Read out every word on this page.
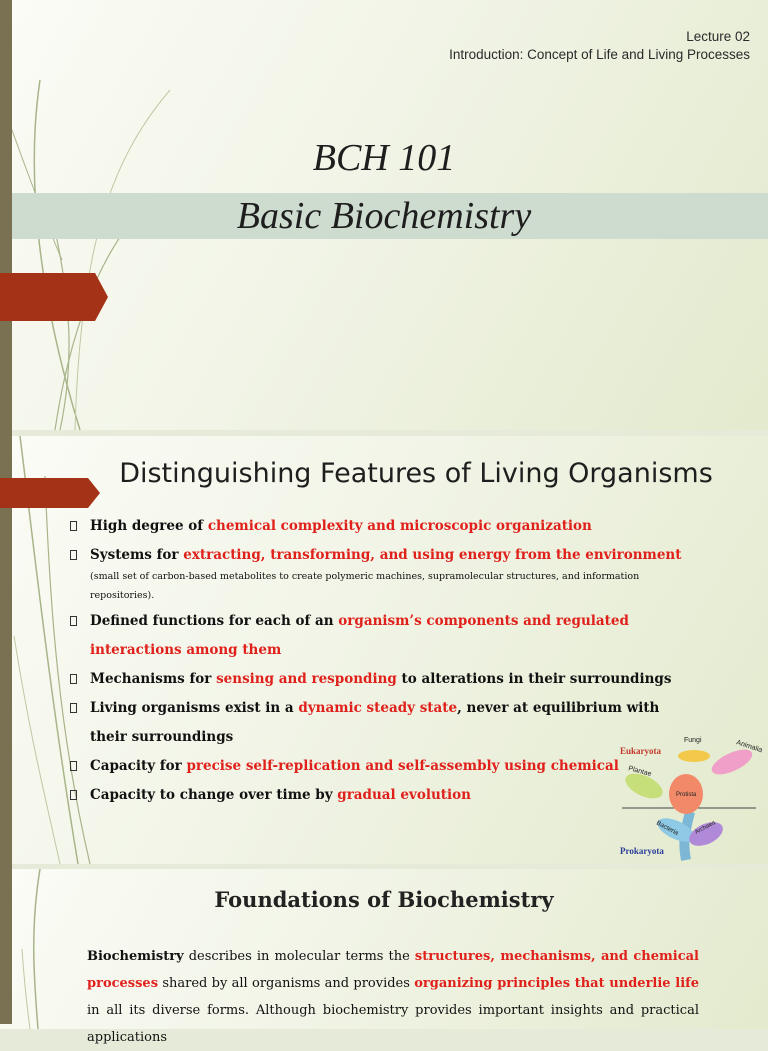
Lecture 02
Introduction: Concept of Life and Living Processes
BCH 101
Basic Biochemistry
Distinguishing Features of Living Organisms
High degree of chemical complexity and microscopic organization
Systems for extracting, transforming, and using energy from the environment
(small set of carbon-based metabolites to create polymeric machines, supramolecular structures, and information repositories).
Defined functions for each of an organism’s components and regulated interactions among them
Mechanisms for sensing and responding to alterations in their surroundings
Living organisms exist in a dynamic steady state, never at equilibrium with their surroundings
Capacity for precise self-replication and self-assembly using chemical
Capacity to change over time by gradual evolution
Eukaryota
Fungi	Animalia
Plantae
Protista
Bacteria Archaea
Prokaryota
Foundations of Biochemistry
Biochemistry describes in molecular terms the structures, mechanisms, and chemical processes shared by all organisms and provides organizing principles that underlie life in all its diverse forms. Although biochemistry provides important insights and practical applications
